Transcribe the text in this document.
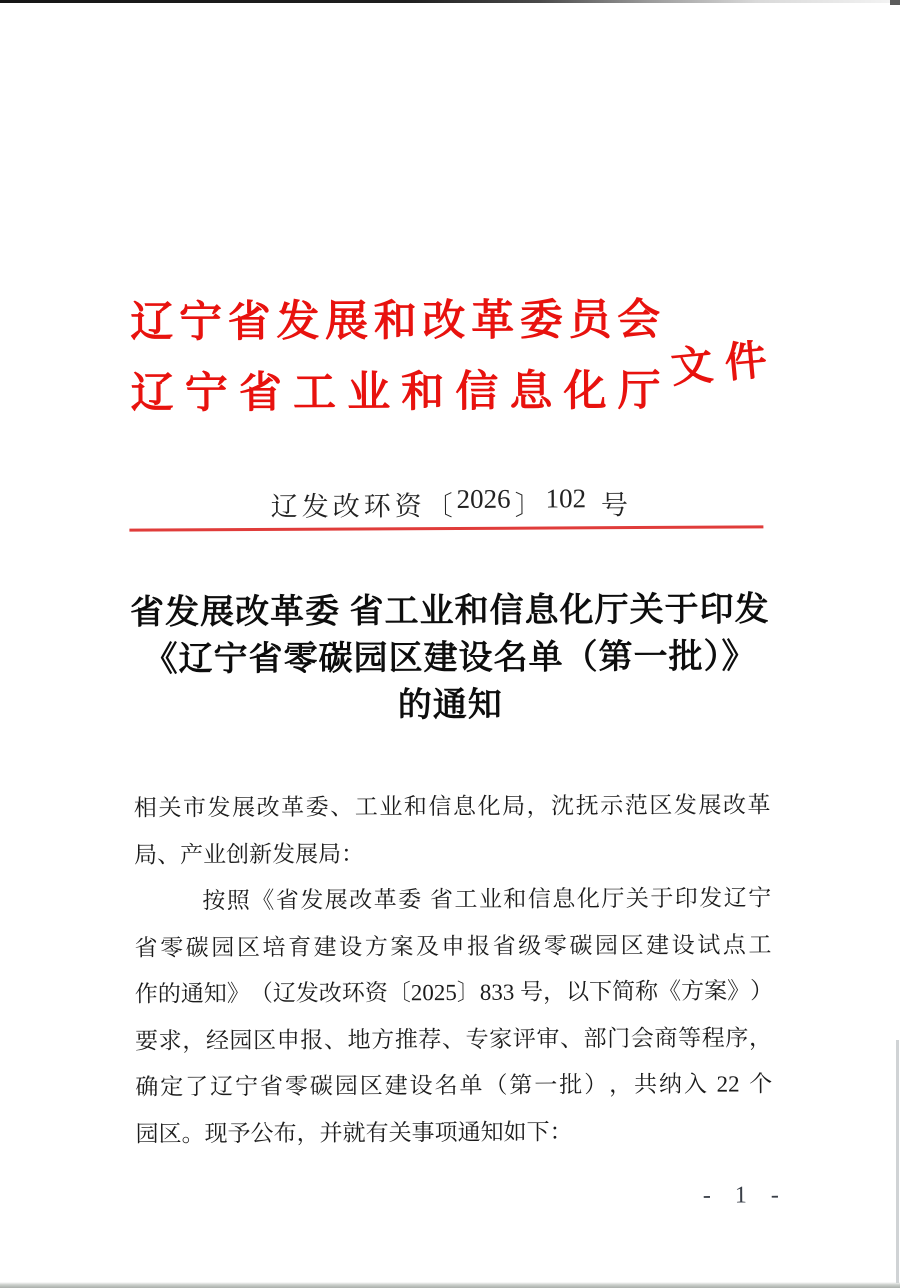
辽 宁 省 发 展 和 改 革 委 员 会
辽 宁 省 工 业 和 信 息 化 厅 文件
辽 发 改 环 资 〔 2026 〕 102
号
省发展改革委 省工业和信息化厅关于印发
《辽宁省零碳园区建设名单（第一批）》
的通知
相 关 市 发 展 改 革 委 、 工 业 和 信 息 化 局 ， 沈 抚 示 范 区 发 展 改 革
局、产业创新发展局：
按 照 《 省 发 展 改 革 委
省 工 业 和 信 息 化 厅 关 于 印 发 辽 宁
省 零 碳 园 区 培 育 建 设 方 案 及 申 报 省 级 零 碳 园 区 建 设 试 点 工
作 的 通 知 》 （ 辽 发 改 环 资 〔 2025 〕 833
号 ， 以 下 简 称 《 方 案 》 ）
要 求 ， 经 园 区 申 报 、 地 方 推 荐 、 专 家 评 审 、 部 门 会 商 等 程 序 ，
确 定 了 辽 宁 省 零 碳 园 区 建 设 名 单 （ 第 一 批 ） ， 共 纳 入
22
个
园区。现予公布，并就有关事项通知如下：
- 1 -
